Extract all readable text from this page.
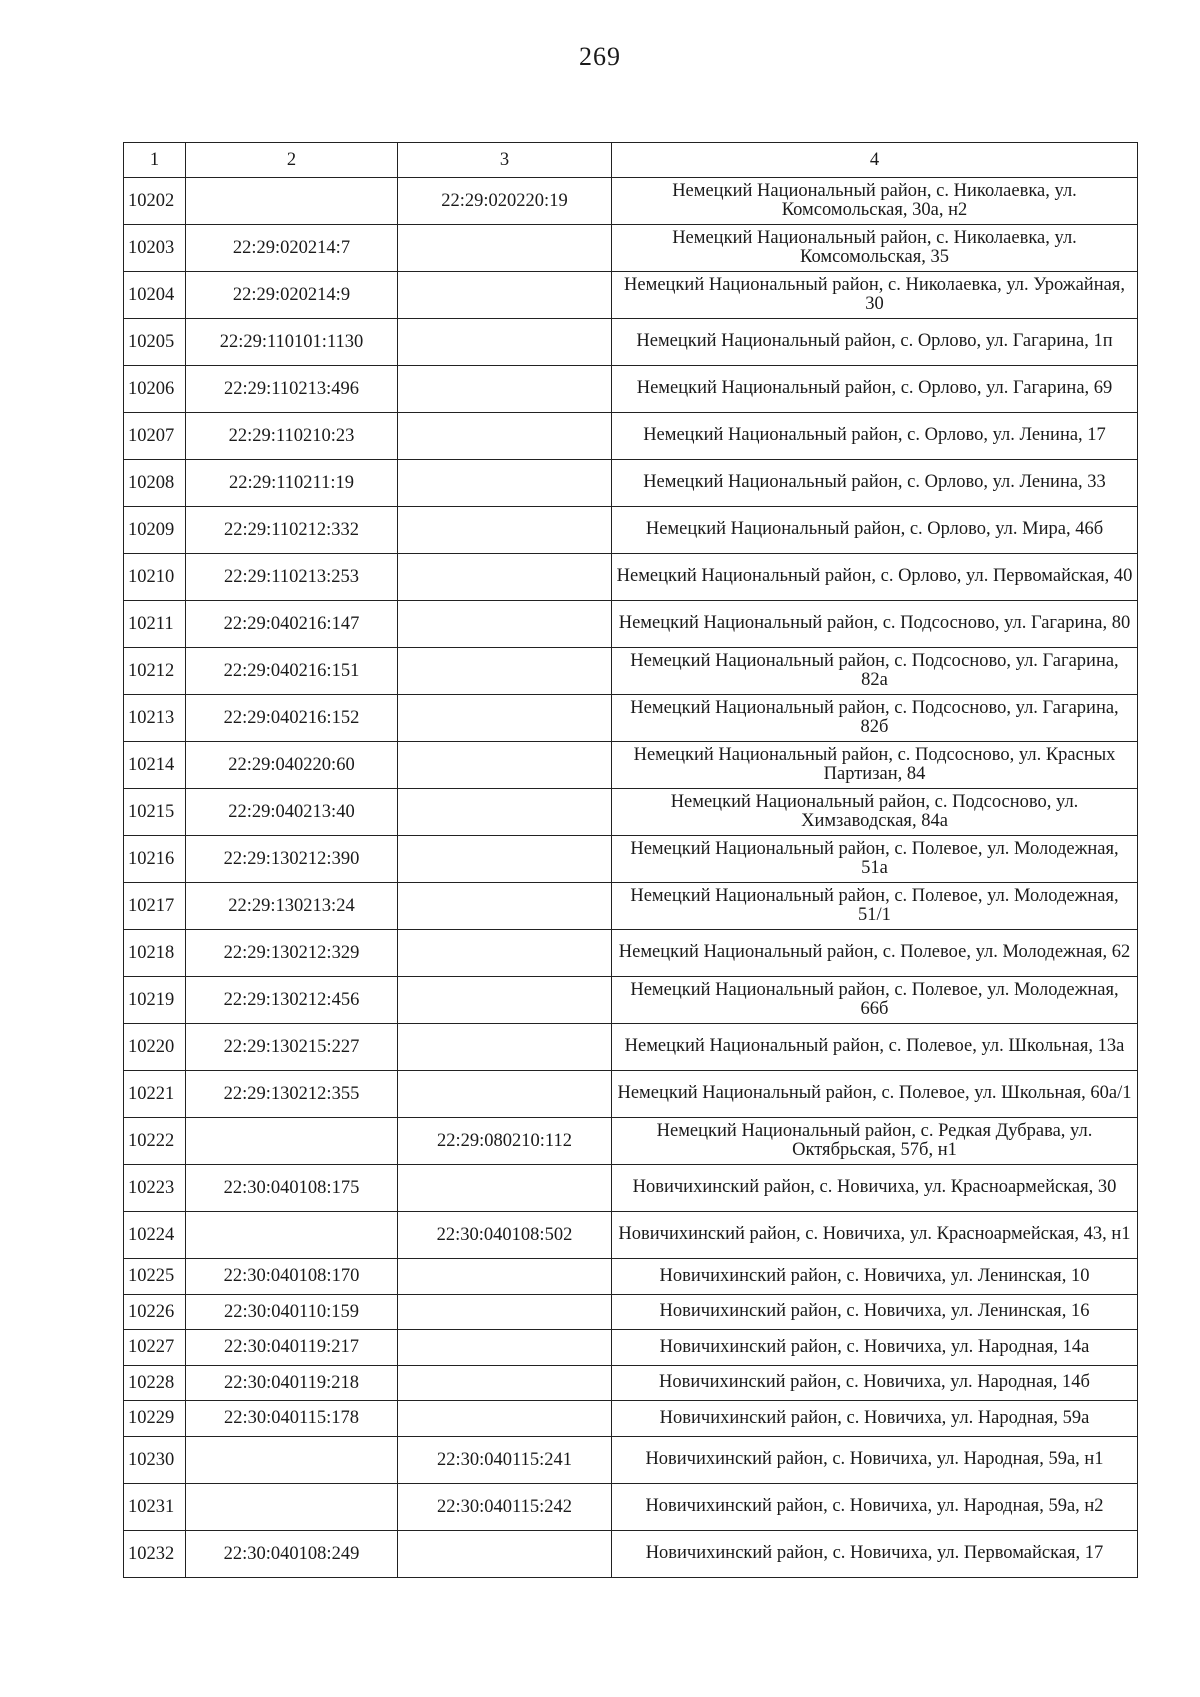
269
1	2	3	4
10202		22:29:020220:19	Немецкий Национальный район, с. Николаевка, ул. Комсомольская, 30а, н2
10203	22:29:020214:7		Немецкий Национальный район, с. Николаевка, ул. Комсомольская, 35
10204	22:29:020214:9		Немецкий Национальный район, с. Николаевка, ул. Урожайная, 30
10205	22:29:110101:1130		Немецкий Национальный район, с. Орлово, ул. Гагарина, 1п
10206	22:29:110213:496		Немецкий Национальный район, с. Орлово, ул. Гагарина, 69
10207	22:29:110210:23		Немецкий Национальный район, с. Орлово, ул. Ленина, 17
10208	22:29:110211:19		Немецкий Национальный район, с. Орлово, ул. Ленина, 33
10209	22:29:110212:332		Немецкий Национальный район, с. Орлово, ул. Мира, 46б
10210	22:29:110213:253		Немецкий Национальный район, с. Орлово, ул. Первомайская, 40
10211	22:29:040216:147		Немецкий Национальный район, с. Подсосново, ул. Гагарина, 80
10212	22:29:040216:151		Немецкий Национальный район, с. Подсосново, ул. Гагарина, 82а
10213	22:29:040216:152		Немецкий Национальный район, с. Подсосново, ул. Гагарина, 82б
10214	22:29:040220:60		Немецкий Национальный район, с. Подсосново, ул. Красных Партизан, 84
10215	22:29:040213:40		Немецкий Национальный район, с. Подсосново, ул. Химзаводская, 84а
10216	22:29:130212:390		Немецкий Национальный район, с. Полевое, ул. Молодежная, 51а
10217	22:29:130213:24		Немецкий Национальный район, с. Полевое, ул. Молодежная, 51/1
10218	22:29:130212:329		Немецкий Национальный район, с. Полевое, ул. Молодежная, 62
10219	22:29:130212:456		Немецкий Национальный район, с. Полевое, ул. Молодежная, 66б
10220	22:29:130215:227		Немецкий Национальный район, с. Полевое, ул. Школьная, 13а
10221	22:29:130212:355		Немецкий Национальный район, с. Полевое, ул. Школьная, 60а/1
10222		22:29:080210:112	Немецкий Национальный район, с. Редкая Дубрава, ул. Октябрьская, 57б, н1
10223	22:30:040108:175		Новичихинский район, с. Новичиха, ул. Красноармейская, 30
10224		22:30:040108:502	Новичихинский район, с. Новичиха, ул. Красноармейская, 43, н1
10225	22:30:040108:170		Новичихинский район, с. Новичиха, ул. Ленинская, 10
10226	22:30:040110:159		Новичихинский район, с. Новичиха, ул. Ленинская, 16
10227	22:30:040119:217		Новичихинский район, с. Новичиха, ул. Народная, 14а
10228	22:30:040119:218		Новичихинский район, с. Новичиха, ул. Народная, 14б
10229	22:30:040115:178		Новичихинский район, с. Новичиха, ул. Народная, 59а
10230		22:30:040115:241	Новичихинский район, с. Новичиха, ул. Народная, 59а, н1
10231		22:30:040115:242	Новичихинский район, с. Новичиха, ул. Народная, 59а, н2
10232	22:30:040108:249		Новичихинский район, с. Новичиха, ул. Первомайская, 17
